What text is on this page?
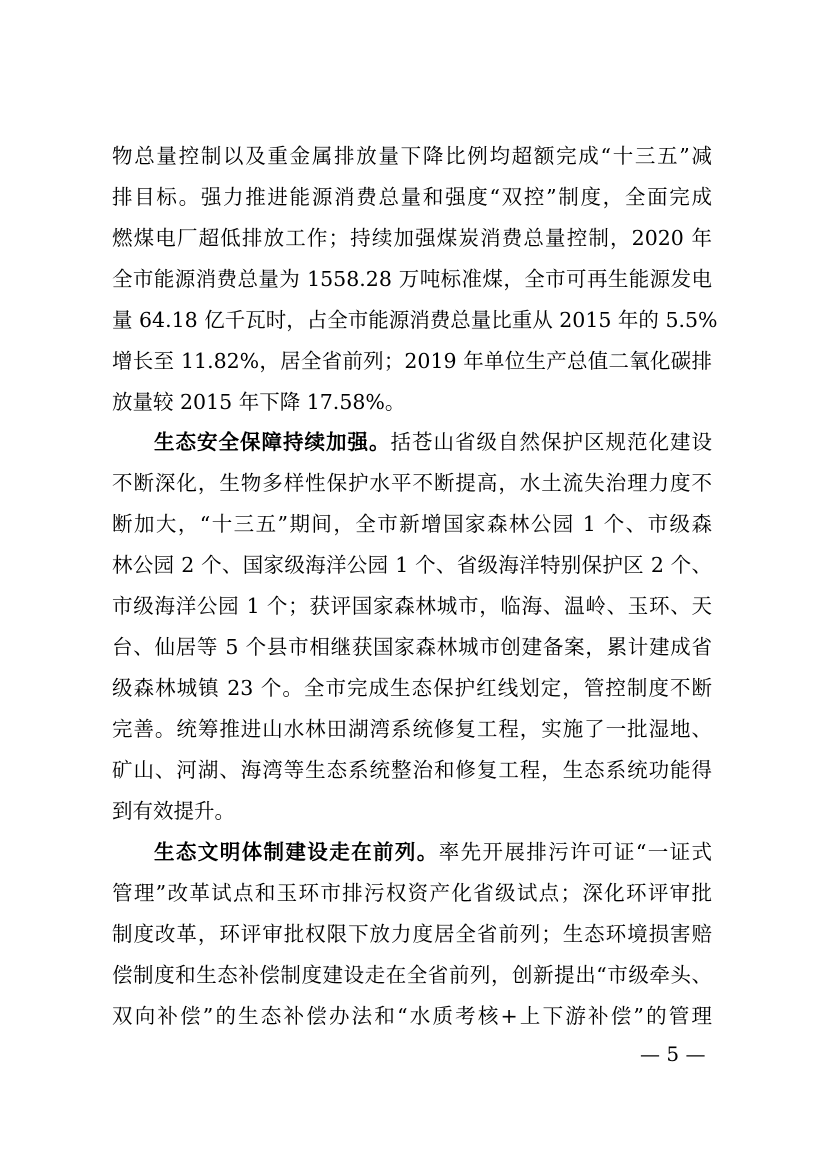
物总量控制以及重金属排放量下降比例均超额完成“十三五”减
排目标。强力推进能源消费总量和强度“双控”制度，全面完成
燃煤电厂超低排放工作；持续加强煤炭消费总量控制，2020 年
全市能源消费总量为 1558.28 万吨标准煤，全市可再生能源发电
量 64.18 亿千瓦时，占全市能源消费总量比重从 2015 年的 5.5%
增长至 11.82%，居全省前列；2019 年单位生产总值二氧化碳排
放量较 2015 年下降 17.58%。
生态安全保障持续加强。括苍山省级自然保护区规范化建设
不断深化，生物多样性保护水平不断提高，水土流失治理力度不
断加大，“十三五”期间，全市新增国家森林公园 1 个、市级森
林公园 2 个、国家级海洋公园 1 个、省级海洋特别保护区 2 个、
市级海洋公园 1 个；获评国家森林城市，临海、温岭、玉环、天
台、仙居等 5 个县市相继获国家森林城市创建备案，累计建成省
级森林城镇 23 个。全市完成生态保护红线划定，管控制度不断
完善。统筹推进山水林田湖湾系统修复工程，实施了一批湿地、
矿山、河湖、海湾等生态系统整治和修复工程，生态系统功能得
到有效提升。
生态文明体制建设走在前列。率先开展排污许可证“一证式
管理”改革试点和玉环市排污权资产化省级试点；深化环评审批
制度改革，环评审批权限下放力度居全省前列；生态环境损害赔
偿制度和生态补偿制度建设走在全省前列，创新提出“市级牵头、
双向补偿”的生态补偿办法和“水质考核+上下游补偿”的管理
— 5 —
